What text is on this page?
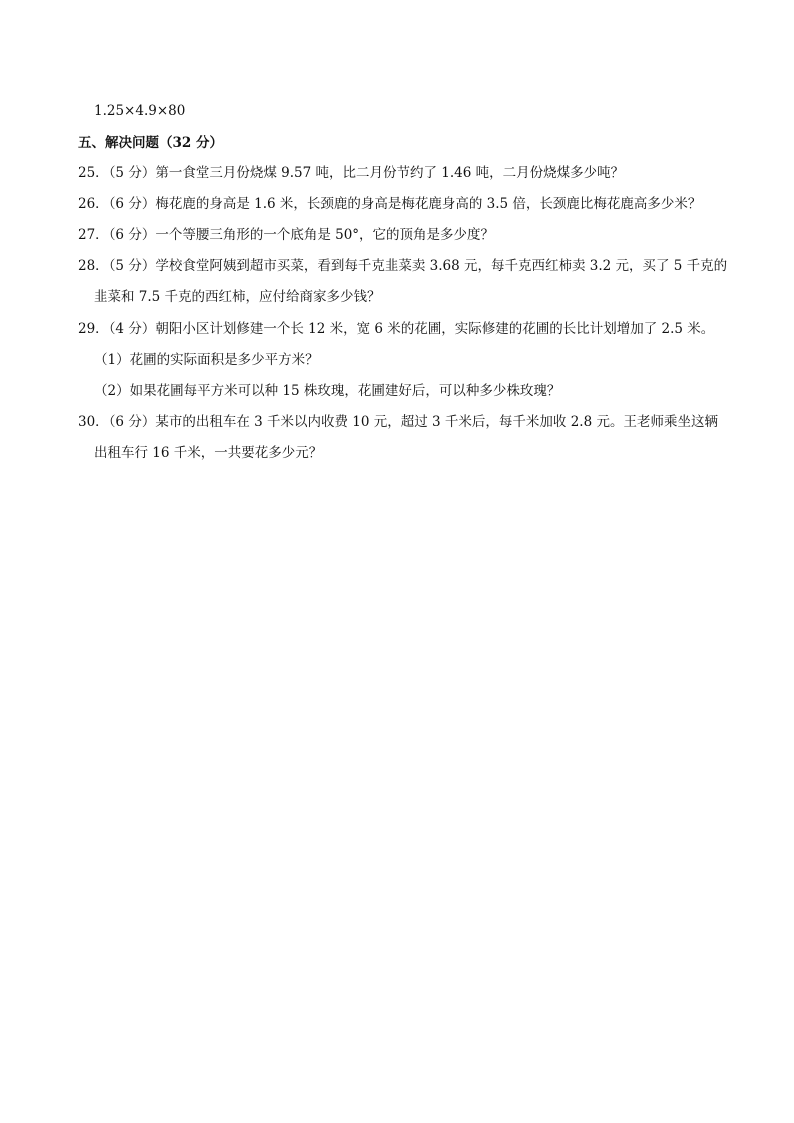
1.25×4.9×80
五、解决问题（32 分）
25．（5 分）第一食堂三月份烧煤 9.57 吨，比二月份节约了 1.46 吨，二月份烧煤多少吨？
26．（6 分）梅花鹿的身高是 1.6 米，长颈鹿的身高是梅花鹿身高的 3.5 倍，长颈鹿比梅花鹿高多少米？
27．（6 分）一个等腰三角形的一个底角是 50°，它的顶角是多少度？
28．（5 分）学校食堂阿姨到超市买菜，看到每千克韭菜卖 3.68 元，每千克西红柿卖 3.2 元，买了 5 千克的
韭菜和 7.5 千克的西红柿，应付给商家多少钱？
29．（4 分）朝阳小区计划修建一个长 12 米，宽 6 米的花圃，实际修建的花圃的长比计划增加了 2.5 米。
（1）花圃的实际面积是多少平方米？
（2）如果花圃每平方米可以种 15 株玫瑰，花圃建好后，可以种多少株玫瑰？
30．（6 分）某市的出租车在 3 千米以内收费 10 元，超过 3 千米后，每千米加收 2.8 元。王老师乘坐这辆
出租车行 16 千米，一共要花多少元？
